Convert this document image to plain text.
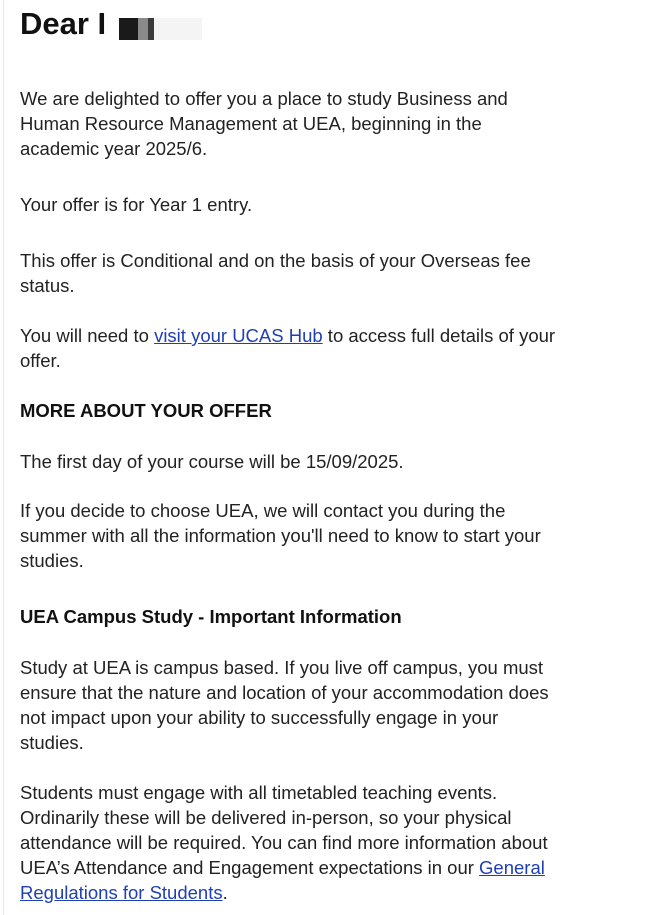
Dear I

We are delighted to offer you a place to study Business and Human Resource Management at UEA, beginning in the academic year 2025/6.

Your offer is for Year 1 entry.

This offer is Conditional and on the basis of your Overseas fee status.

You will need to visit your UCAS Hub to access full details of your offer.

MORE ABOUT YOUR OFFER

The first day of your course will be 15/09/2025.

If you decide to choose UEA, we will contact you during the summer with all the information you'll need to know to start your studies.

UEA Campus Study - Important Information

Study at UEA is campus based. If you live off campus, you must ensure that the nature and location of your accommodation does not impact upon your ability to successfully engage in your studies.

Students must engage with all timetabled teaching events. Ordinarily these will be delivered in-person, so your physical attendance will be required. You can find more information about UEA’s Attendance and Engagement expectations in our General Regulations for Students.
